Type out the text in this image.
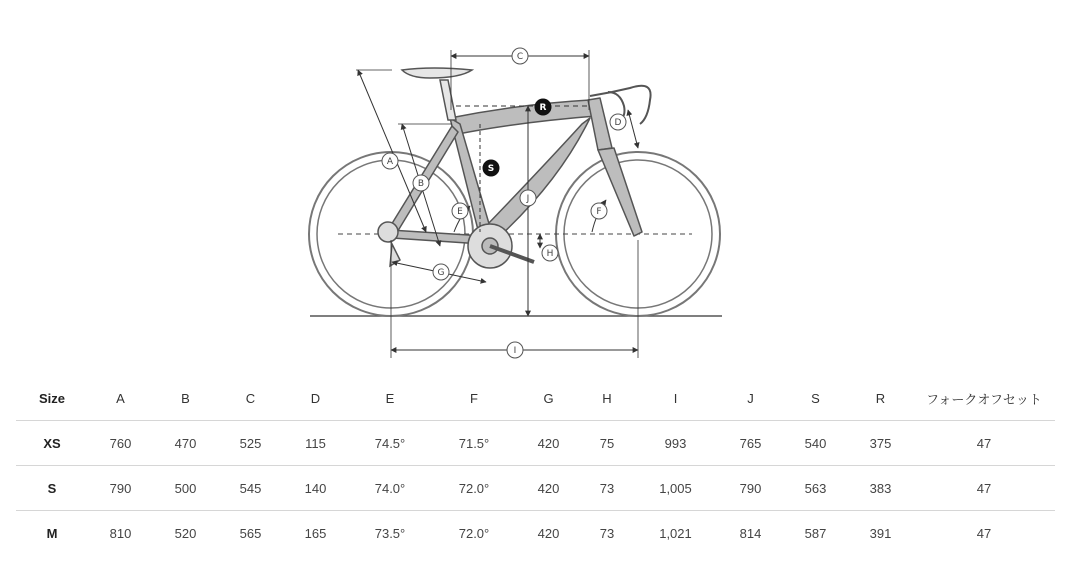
C
A
B
R
S
D
J
E	F
H
G
I
Size	A	B	C	D	E	F	G	H	I	J	S	R	フォークオフセット
XS	760	470	525	115	74.5°	71.5°	420	75	993	765	540	375	47
S	790	500	545	140	74.0°	72.0°	420	73	1,005	790	563	383	47
M	810	520	565	165	73.5°	72.0°	420	73	1,021	814	587	391	47
